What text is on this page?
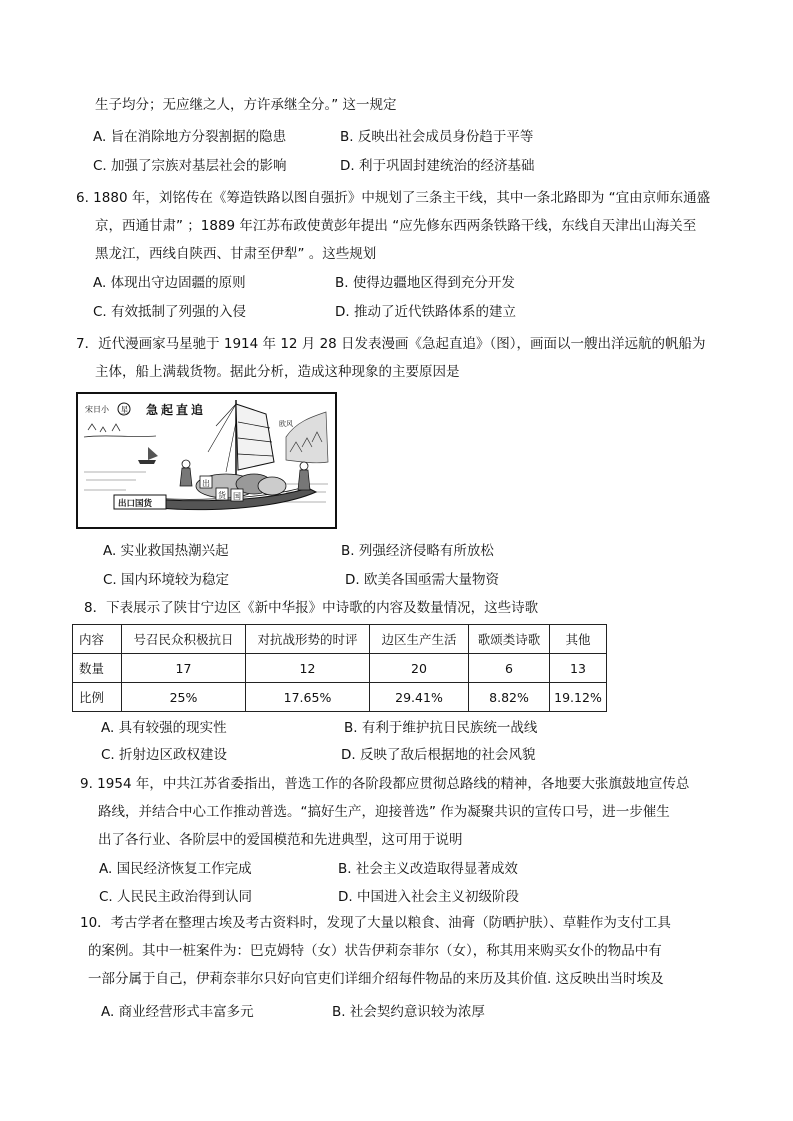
生子均分；无应继之人，方许承继全分。” 这一规定
A. 旨在消除地方分裂割据的隐患	B. 反映出社会成员身份趋于平等
C. 加强了宗族对基层社会的影响	D. 利于巩固封建统治的经济基础
6. 1880 年，刘铭传在《筹造铁路以图自强折》中规划了三条主干线，其中一条北路即为 “宜由京师东通盛
京，西通甘肃” ；1889 年江苏布政使黄彭年提出 “应先修东西两条铁路干线，东线自天津出山海关至
黑龙江，西线自陕西、甘肃至伊犁” 。这些规划
A. 体现出守边固疆的原则	B. 使得边疆地区得到充分开发
C. 有效抵制了列强的入侵	D. 推动了近代铁路体系的建立
7．近代漫画家马星驰于 1914 年 12 月 28 日发表漫画《急起直追》（图），画面以一艘出洋远航的帆船为
主体，船上满载货物。据此分析，造成这种现象的主要原因是
宋日小 星 急起直追
欧风
出
货 国
出口国货
A. 实业救国热潮兴起	B. 列强经济侵略有所放松
C. 国内环境较为稳定	D. 欧美各国亟需大量物资
8．下表展示了陕甘宁边区《新中华报》中诗歌的内容及数量情况，这些诗歌
内容	号召民众积极抗日	对抗战形势的时评	边区生产生活	歌颂类诗歌	其他
数量	17	12	20	6	13
比例	25%	17.65%	29.41%	8.82%	19.12%
A. 具有较强的现实性	B. 有利于维护抗日民族统一战线
C. 折射边区政权建设	D. 反映了敌后根据地的社会风貌
9. 1954 年，中共江苏省委指出，普选工作的各阶段都应贯彻总路线的精神，各地要大张旗鼓地宣传总
路线，并结合中心工作推动普选。“搞好生产，迎接普选” 作为凝聚共识的宣传口号，进一步催生
出了各行业、各阶层中的爱国模范和先进典型，这可用于说明
A. 国民经济恢复工作完成	B. 社会主义改造取得显著成效
C. 人民民主政治得到认同	D. 中国进入社会主义初级阶段
10．考古学者在整理古埃及考古资料时，发现了大量以粮食、油膏（防晒护肤）、草鞋作为支付工具
的案例。其中一桩案件为：巴克姆特（女）状告伊莉奈菲尔（女），称其用来购买女仆的物品中有
一部分属于自己，伊莉奈菲尔只好向官吏们详细介绍每件物品的来历及其价值. 这反映出当时埃及
A. 商业经营形式丰富多元	B. 社会契约意识较为浓厚
